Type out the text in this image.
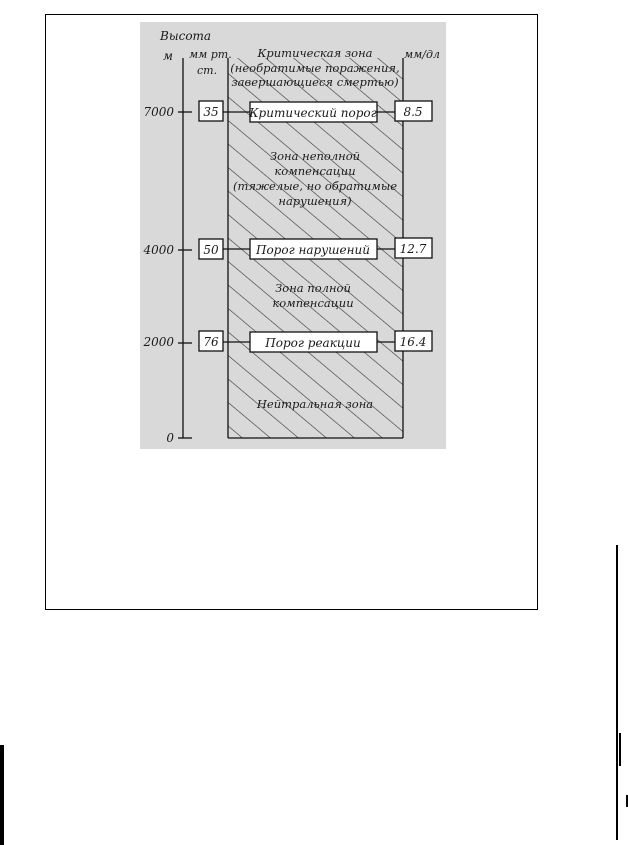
Высота
м мм рт.
ст.
мм/дл
Критическая зона
(необратимые поражения,
завершающиеся смертью)
7000 35	Критический порог 8.5
Зона неполной
компенсации
(тяжелые, но обратимые
нарушения)
4000 50	Порог нарушений 12.7
Зона полной
компенсации
2000 76	Порог реакции	16.4
Нейтральная зона
0
